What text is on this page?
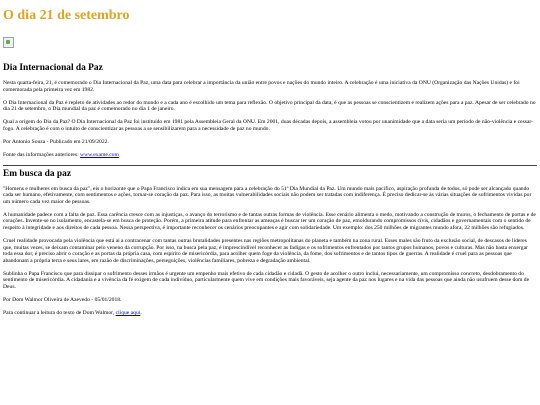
O dia 21 de setembro
Dia Internacional da Paz

Nesta quarta-feira, 21, é comemorado o Dia Internacional da Paz, uma data para celebrar a importância da união entre povos e nações do mundo inteiro. A celebração é uma iniciativa da ONU (Organização das Nações Unidas) e foi comemorada pela primeira vez em 1982.

O Dia Internacional da Paz é repleto de atividades ao redor do mundo e a cada ano é escolhido um tema para reflexão. O objetivo principal da data, é que as pessoas se conscientizem e realizem ações para a paz. Apesar de ser celebrado no dia 21 de setembro, o Dia mundial da paz é comemorado no dia 1 de janeiro.

Qual a origem do Dia da Paz? O Dia Internacional da Paz foi instituído em 1981 pela Assembleia Geral da ONU. Em 2001, duas décadas depois, a assembleia votou por unanimidade que a data seria um período de não-violência e cessar-fogo. A celebração é com o intuito de conscientizar as pessoas a se sensibilizarem para a necessidade de paz no mundo.

Por Antonio Souza - Publicado em 21/09/2022.

Fonte das informações anteriores: www.exame.com

Em busca da paz

"Homens e mulheres em busca da paz", eis o horizonte que o Papa Francisco indica em sua mensagem para a celebração do 51º Dia Mundial da Paz. Um mundo mais pacífico, aspiração profunda de todos, só pode ser alcançado quando cada ser humano, efetivamente, com sentimentos e ações, tornar-se coração da paz. Para isso, as muitas vulnerabilidades sociais não podem ser tratadas com indiferença. É preciso dedicar-se às várias situações de sofrimentos vividas por um número cada vez maior de pessoas.

A humanidade padece com a falta de paz. Essa carência cresce com as injustiças, o avanço do terrorismo e de tantas outras formas de violência. Esse cenário alimenta o medo, motivando a construção de muros, o fechamento de portas e de corações. Invente-se no isolamento, encastela-se em busca de proteção. Porém, a primeira atitude para enfrentar as ameaças é buscar ter um coração de paz, emoldurando compromissos cívis, cidadãos e governamentais com o sentido de respeito à integridade e aos direitos de cada pessoa. Nessa perspectiva, é importante reconhecer os cenários preocupantes e agir com solidariedade. Um exemplo: dos 250 milhões de migrantes mundo afora, 22 milhões são refugiados.

Cruel realidade provocada pela violência que está ai a contracenar com tantas outras brutalidades presentes nas regiões metropolitanas do planeta e também na zona rural. Esses males são fruto da exclusão social, de descasos de líderes que, muitas vezes, se deixam contaminar pelo veneno da corrupção. Por isso, na busca pela paz, é imprescindível reconhecer as fadigas e os sofrimentos enfrentados por tantos grupos humanos, povos e culturas. Mas não basta enxergar toda essa dor, é preciso abrir o coração e as portas da própria casa, com espírito de misericórdia, para acolher quem foge da violência, da fome, dos sofrimentos e de tantos tipos de guerras. A realidade é cruel para as pessoas que abandonam a própria terra e seus lares, em razão de discriminações, perseguições, violências familiares, pobreza e degradação ambiental.

Sublinha o Papa Francisco que para dissipar o sofrimento desses irmãos é urgente um empenho mais efetivo de cada cidadão e cidadã. O gesto de acolher o outro inclui, necessariamente, um compromisso concreto, desdobramento do sentimento de misericórdia. A cidadania e a vivência da fé exigem de cada indivíduo, particularmente quem vive em condições mais favoráveis, seja agente da paz nos lugares e na vida das pessoas que ainda não usufruem desse dom de Deus.

Por Dom Walmor Oliveira de Azevedo - 05/01/2018.

Para continuar a leitura do texto de Dom Walmor, clique aqui.
